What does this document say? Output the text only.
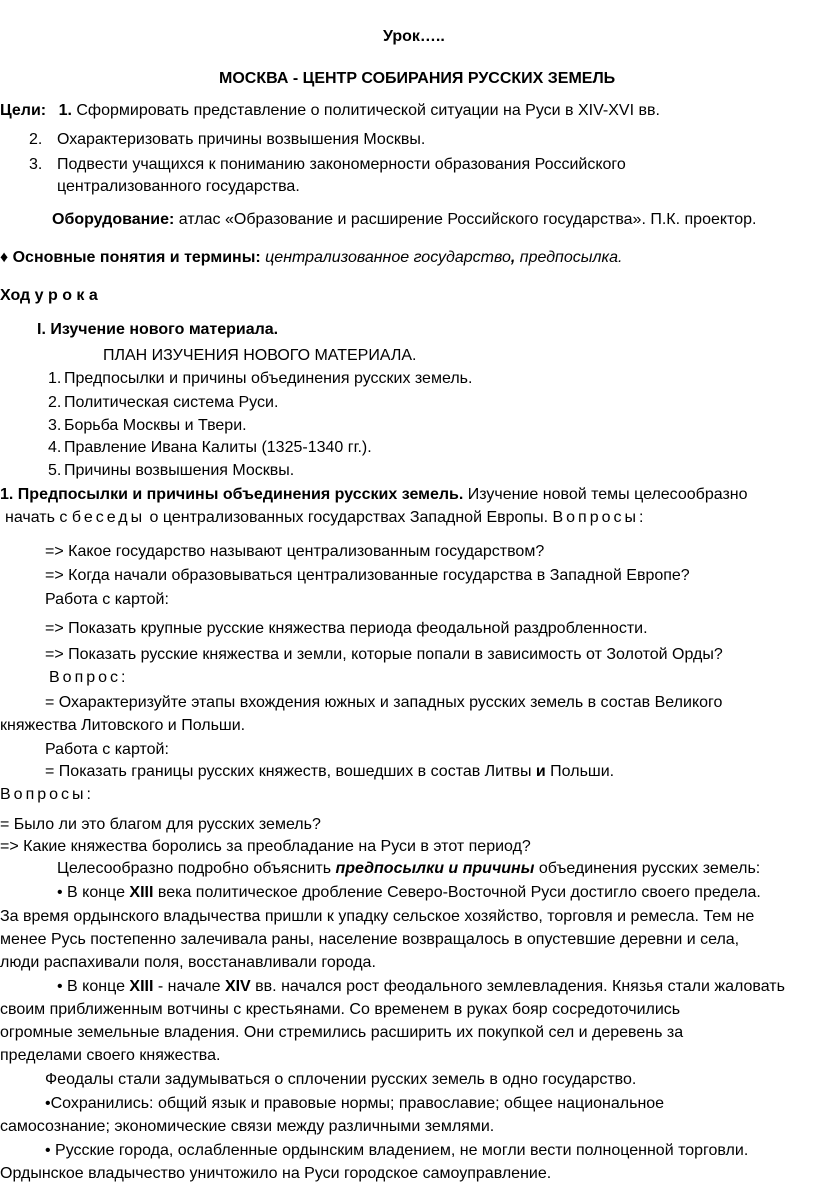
Урок…..
МОСКВА - ЦЕНТР СОБИРАНИЯ РУССКИХ ЗЕМЕЛЬ
Цели: 1. Сформировать представление о политической ситуации на Руси в XIV-XVI вв.
2. Охарактеризовать причины возвышения Москвы.
3. Подвести учащихся к пониманию закономерности образования Российского
централизованного государства.
Оборудование: атлас «Образование и расширение Российского государства». П.К. проектор.
♦ Основные понятия и термины: централизованное государство, предпосылка.
Ход у р о к а
I. Изучение нового материала.
ПЛАН ИЗУЧЕНИЯ НОВОГО МАТЕРИАЛА.
1. Предпосылки и причины объединения русских земель.
2. Политическая система Руси.
3. Борьба Москвы и Твери.
4. Правление Ивана Калиты (1325-1340 гг.).
5. Причины возвышения Москвы.
1. Предпосылки и причины объединения русских земель. Изучение новой темы целесообразно
начать с беседы о централизованных государствах Западной Европы. Вопросы:
=> Какое государство называют централизованным государством?
=> Когда начали образовываться централизованные государства в Западной Европе?
Работа с картой:
=> Показать крупные русские княжества периода феодальной раздробленности.
=> Показать русские княжества и земли, которые попали в зависимость от Золотой Орды?
Вопрос:
= Охарактеризуйте этапы вхождения южных и западных русских земель в состав Великого
княжества Литовского и Польши.
Работа с картой:
= Показать границы русских княжеств, вошедших в состав Литвы и Польши.
Вопросы:
= Было ли это благом для русских земель?
=> Какие княжества боролись за преобладание на Руси в этот период?
Целесообразно подробно объяснить предпосылки и причины объединения русских земель:
• В конце XIII века политическое дробление Северо-Восточной Руси достигло своего предела.
За время ордынского владычества пришли к упадку сельское хозяйство, торговля и ремесла. Тем не
менее Русь постепенно залечивала раны, население возвращалось в опустевшие деревни и села,
люди распахивали поля, восстанавливали города.
• В конце XIII - начале XIV вв. начался рост феодального землевладения. Князья стали жаловать
своим приближенным вотчины с крестьянами. Со временем в руках бояр сосредоточились
огромные земельные владения. Они стремились расширить их покупкой сел и деревень за
пределами своего княжества.
Феодалы стали задумываться о сплочении русских земель в одно государство.
•Сохранились: общий язык и правовые нормы; православие; общее национальное
самосознание; экономические связи между различными землями.
• Русские города, ослабленные ордынским владением, не могли вести полноценной торговли.
Ордынское владычество уничтожило на Руси городское самоуправление.
